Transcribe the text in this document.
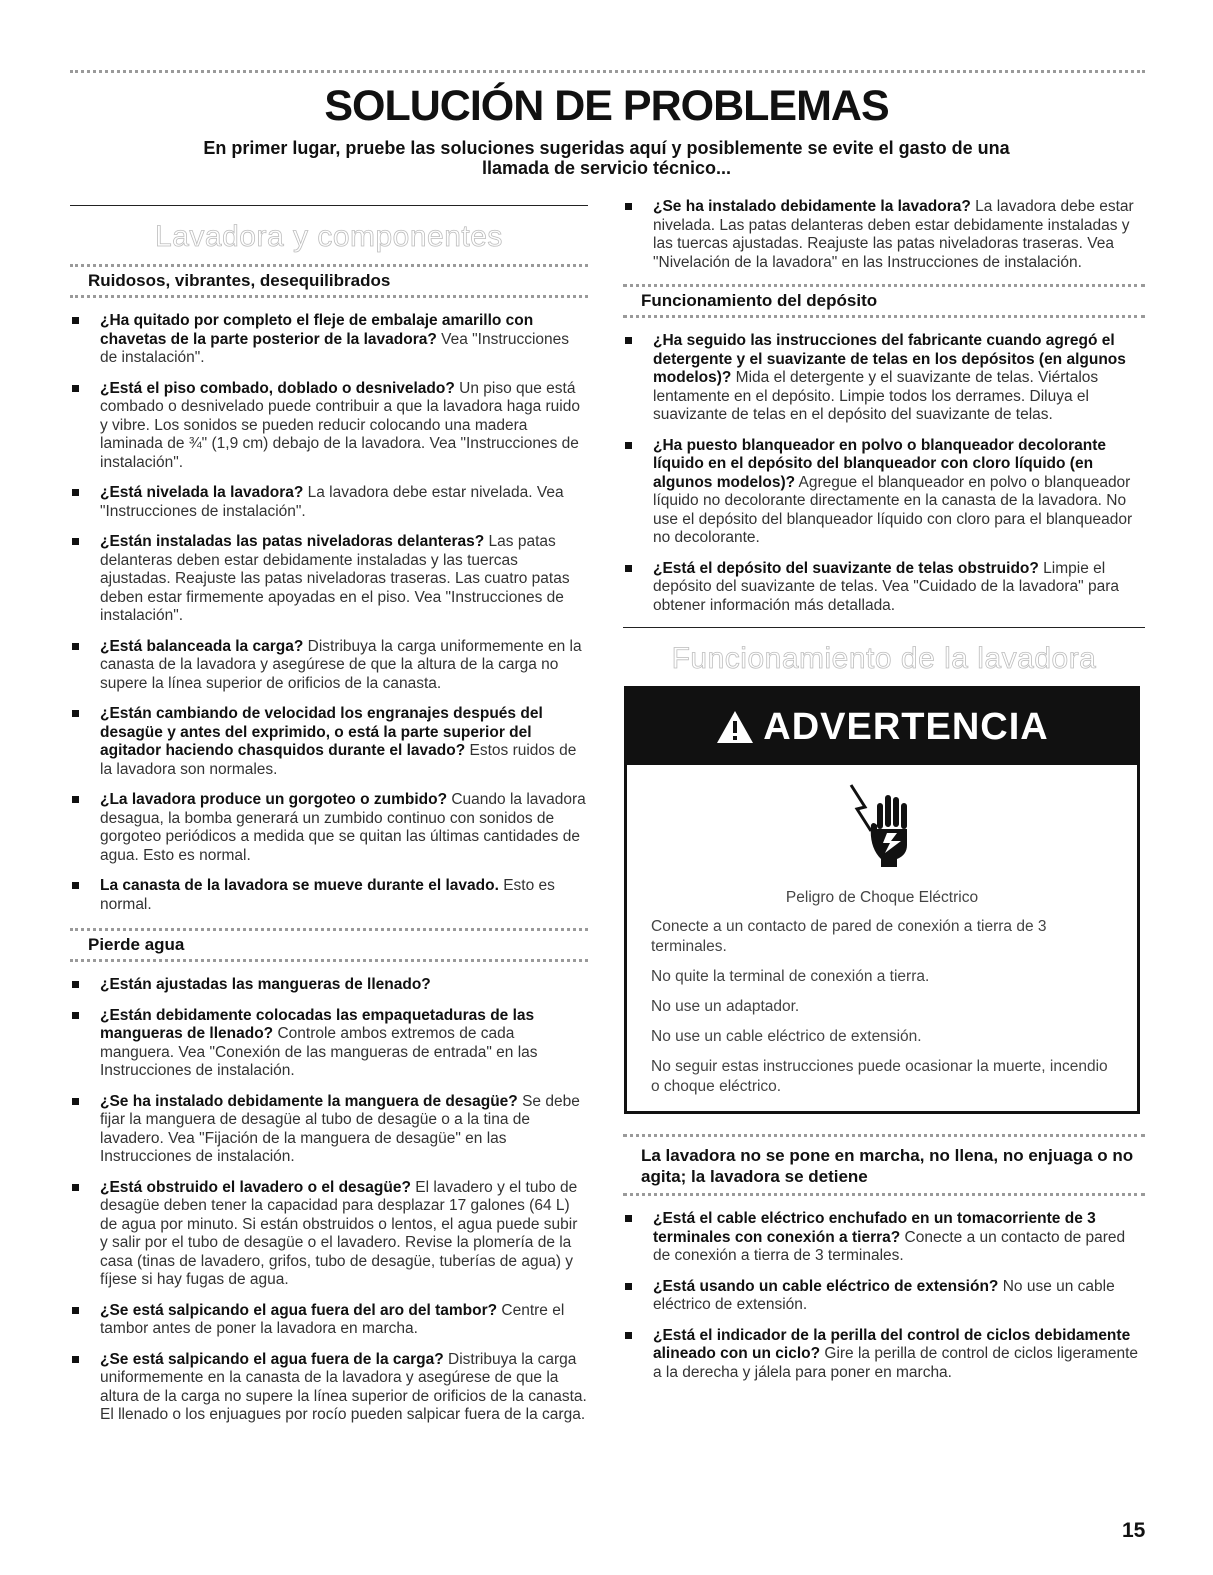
SOLUCIÓN DE PROBLEMAS

En primer lugar, pruebe las soluciones sugeridas aquí y posiblemente se evite el gasto de una
llamada de servicio técnico...

Lavadora y componentes
Ruidosos, vibrantes, desequilibrados
¿Ha quitado por completo el fleje de embalaje amarillo con chavetas de la parte posterior de la lavadora? Vea "Instrucciones de instalación".
¿Está el piso combado, doblado o desnivelado? Un piso que está combado o desnivelado puede contribuir a que la lavadora haga ruido y vibre. Los sonidos se pueden reducir colocando una madera laminada de ¾" (1,9 cm) debajo de la lavadora. Vea "Instrucciones de instalación".
¿Está nivelada la lavadora? La lavadora debe estar nivelada. Vea "Instrucciones de instalación".
¿Están instaladas las patas niveladoras delanteras? Las patas delanteras deben estar debidamente instaladas y las tuercas ajustadas. Reajuste las patas niveladoras traseras. Las cuatro patas deben estar firmemente apoyadas en el piso. Vea "Instrucciones de instalación".
¿Está balanceada la carga? Distribuya la carga uniformemente en la canasta de la lavadora y asegúrese de que la altura de la carga no supere la línea superior de orificios de la canasta.
¿Están cambiando de velocidad los engranajes después del desagüe y antes del exprimido, o está la parte superior del agitador haciendo chasquidos durante el lavado? Estos ruidos de la lavadora son normales.
¿La lavadora produce un gorgoteo o zumbido? Cuando la lavadora desagua, la bomba generará un zumbido continuo con sonidos de gorgoteo periódicos a medida que se quitan las últimas cantidades de agua. Esto es normal.
La canasta de la lavadora se mueve durante el lavado. Esto es normal.
Pierde agua
¿Están ajustadas las mangueras de llenado?
¿Están debidamente colocadas las empaquetaduras de las mangueras de llenado? Controle ambos extremos de cada manguera. Vea "Conexión de las mangueras de entrada" en las Instrucciones de instalación.
¿Se ha instalado debidamente la manguera de desagüe? Se debe fijar la manguera de desagüe al tubo de desagüe o a la tina de lavadero. Vea "Fijación de la manguera de desagüe" en las Instrucciones de instalación.
¿Está obstruido el lavadero o el desagüe? El lavadero y el tubo de desagüe deben tener la capacidad para desplazar 17 galones (64 L) de agua por minuto. Si están obstruidos o lentos, el agua puede subir y salir por el tubo de desagüe o el lavadero. Revise la plomería de la casa (tinas de lavadero, grifos, tubo de desagüe, tuberías de agua) y fíjese si hay fugas de agua.
¿Se está salpicando el agua fuera del aro del tambor? Centre el tambor antes de poner la lavadora en marcha.
¿Se está salpicando el agua fuera de la carga? Distribuya la carga uniformemente en la canasta de la lavadora y asegúrese de que la altura de la carga no supere la línea superior de orificios de la canasta. El llenado o los enjuagues por rocío pueden salpicar fuera de la carga.
¿Se ha instalado debidamente la lavadora? La lavadora debe estar nivelada. Las patas delanteras deben estar debidamente instaladas y las tuercas ajustadas. Reajuste las patas niveladoras traseras. Vea "Nivelación de la lavadora" en las Instrucciones de instalación.
Funcionamiento del depósito
¿Ha seguido las instrucciones del fabricante cuando agregó el detergente y el suavizante de telas en los depósitos (en algunos modelos)? Mida el detergente y el suavizante de telas. Viértalos lentamente en el depósito. Limpie todos los derrames. Diluya el suavizante de telas en el depósito del suavizante de telas.
¿Ha puesto blanqueador en polvo o blanqueador decolorante líquido en el depósito del blanqueador con cloro líquido (en algunos modelos)? Agregue el blanqueador en polvo o blanqueador líquido no decolorante directamente en la canasta de la lavadora. No use el depósito del blanqueador líquido con cloro para el blanqueador no decolorante.
¿Está el depósito del suavizante de telas obstruido? Limpie el depósito del suavizante de telas. Vea "Cuidado de la lavadora" para obtener información más detallada.
Funcionamiento de la lavadora
ADVERTENCIA
Peligro de Choque Eléctrico
Conecte a un contacto de pared de conexión a tierra de 3 terminales.
No quite la terminal de conexión a tierra.
No use un adaptador.
No use un cable eléctrico de extensión.
No seguir estas instrucciones puede ocasionar la muerte, incendio o choque eléctrico.
La lavadora no se pone en marcha, no llena, no enjuaga o no agita; la lavadora se detiene
¿Está el cable eléctrico enchufado en un tomacorriente de 3 terminales con conexión a tierra? Conecte a un contacto de pared de conexión a tierra de 3 terminales.
¿Está usando un cable eléctrico de extensión? No use un cable eléctrico de extensión.
¿Está el indicador de la perilla del control de ciclos debidamente alineado con un ciclo? Gire la perilla de control de ciclos ligeramente a la derecha y jálela para poner en marcha.
15
